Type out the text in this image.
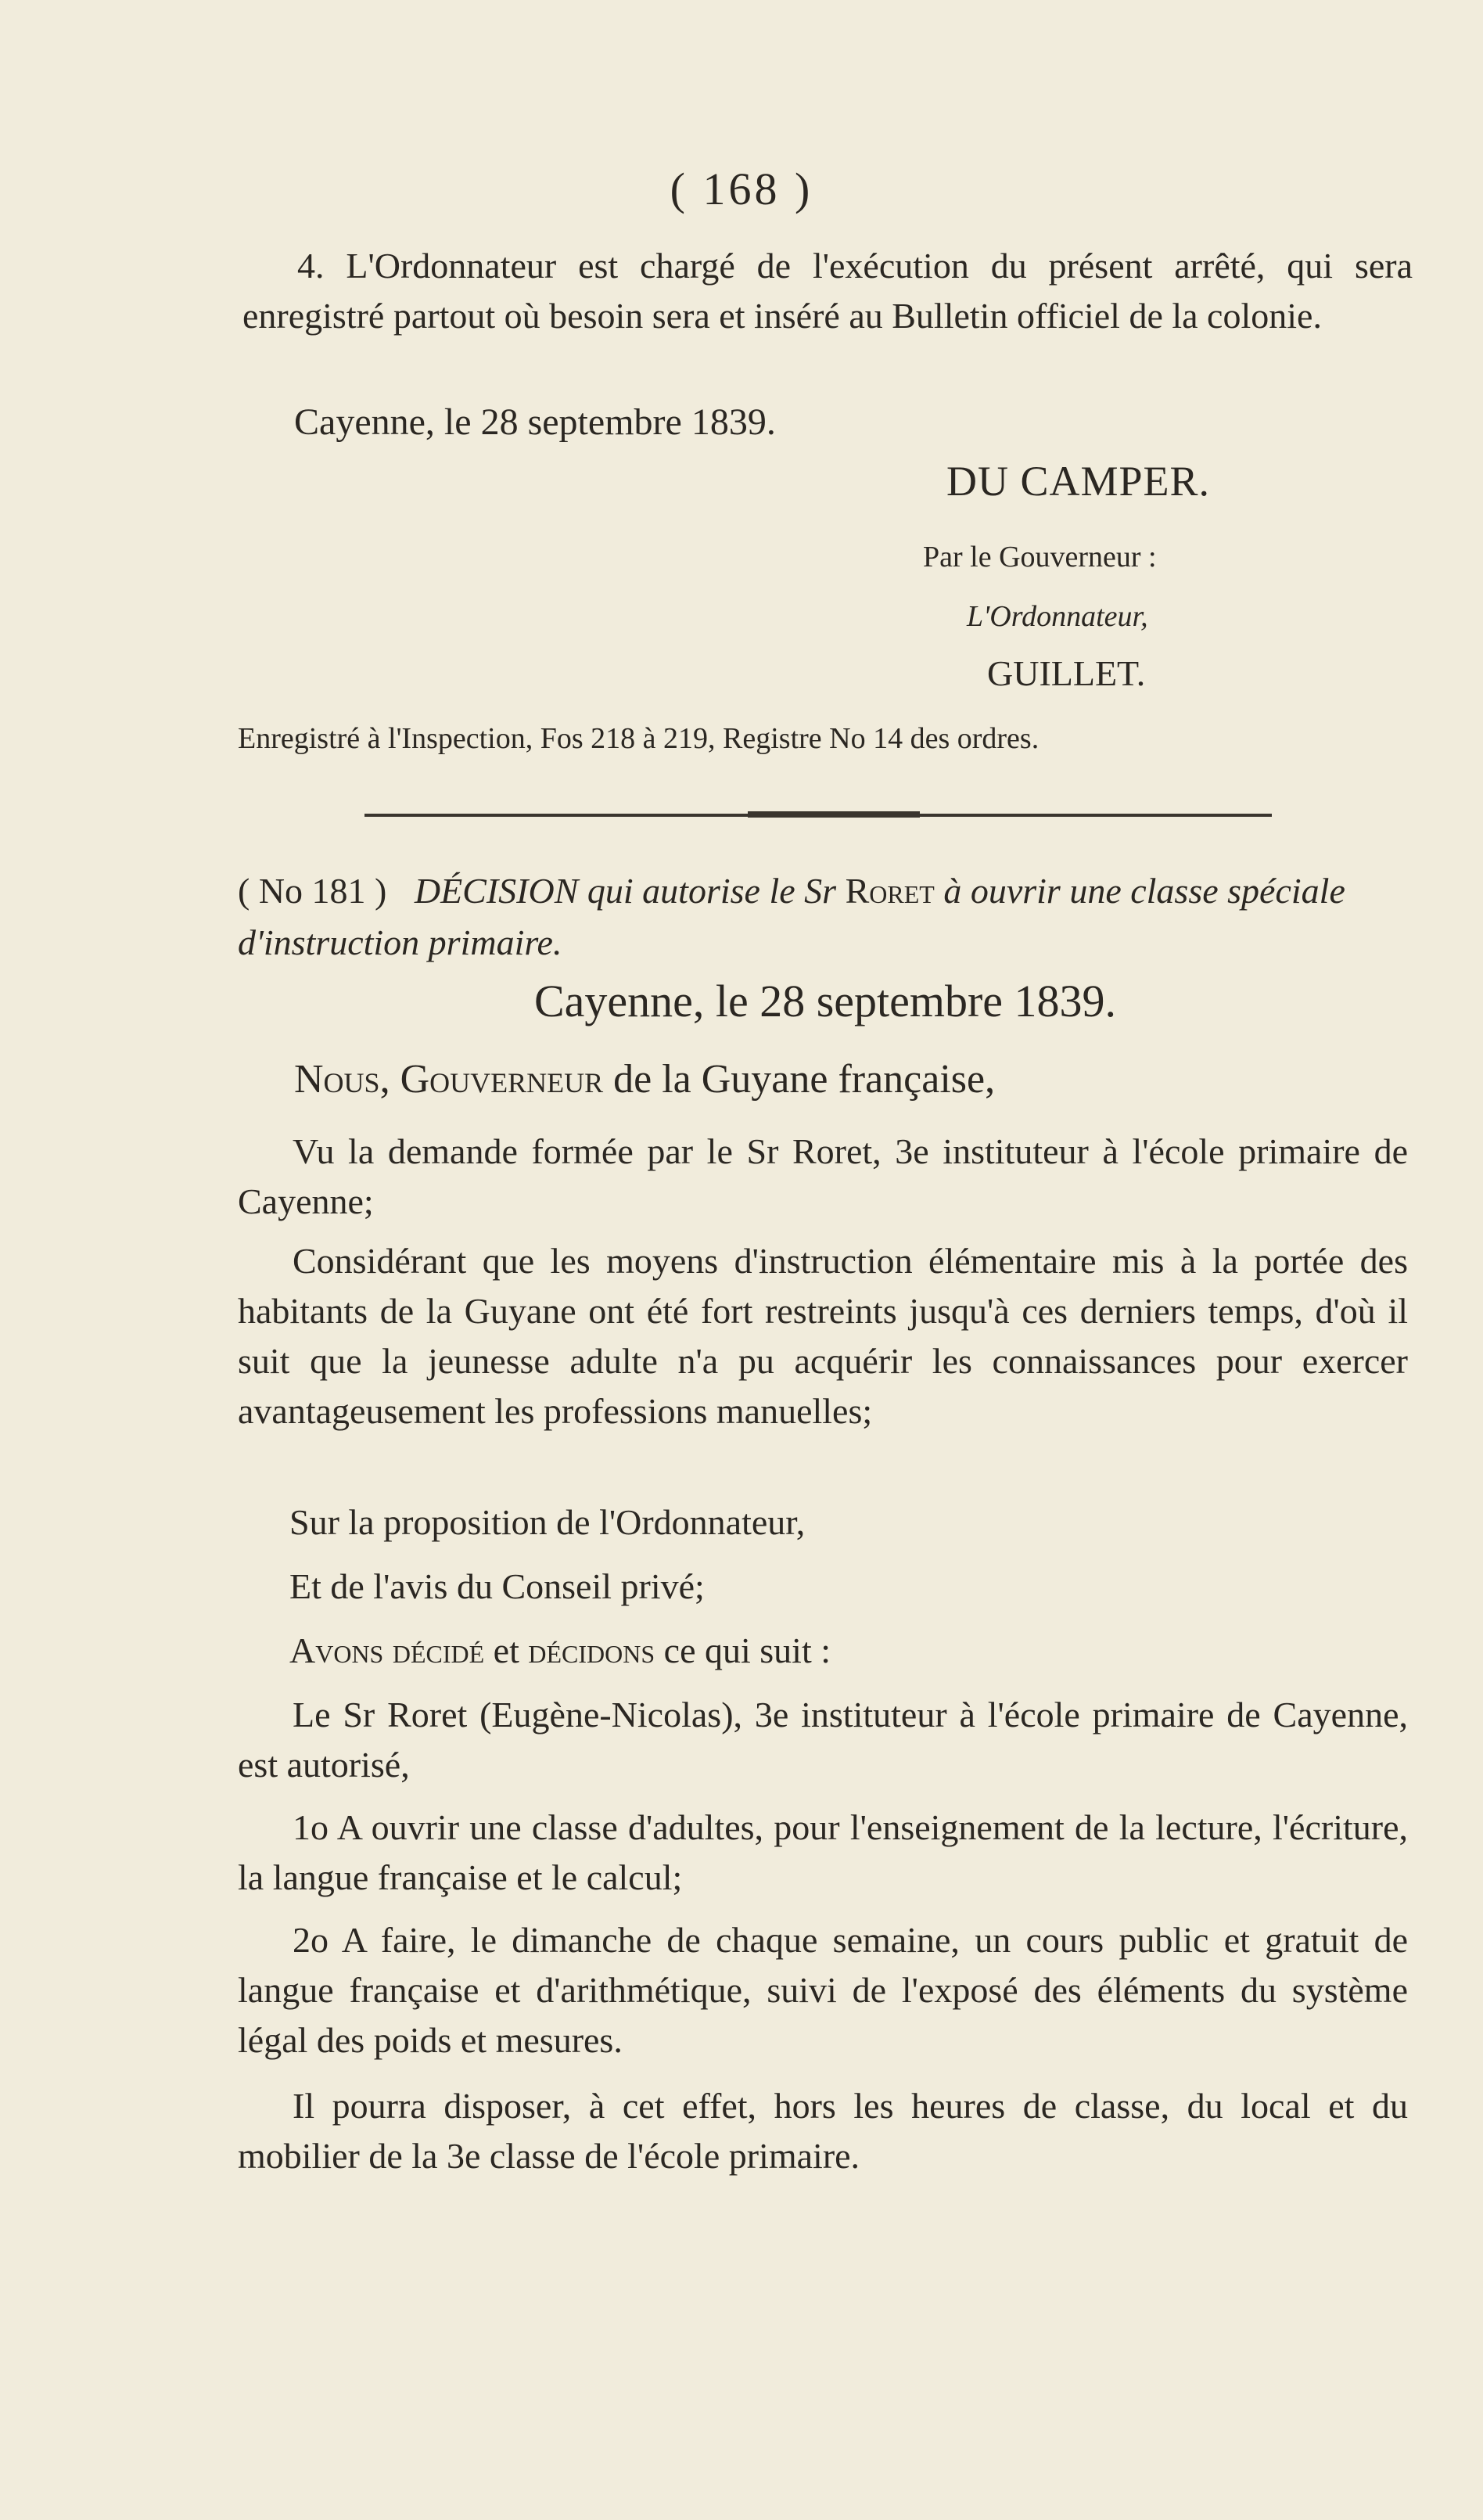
( 168 )

4. L'Ordonnateur est chargé de l'exécution du présent arrêté, qui sera enregistré partout où besoin sera et inséré au Bulletin officiel de la colonie.

Cayenne, le 28 septembre 1839.

DU CAMPER.

Par le Gouverneur :

L'Ordonnateur,

GUILLET.

Enregistré à l'Inspection, Fos 218 à 219, Registre No 14 des ordres.

( No 181 ) DÉCISION qui autorise le Sr Roret à ouvrir une classe spéciale d'instruction primaire.

Cayenne, le 28 septembre 1839.

Nous, Gouverneur de la Guyane française,

Vu la demande formée par le Sr Roret, 3e instituteur à l'école primaire de Cayenne;

Considérant que les moyens d'instruction élémentaire mis à la portée des habitants de la Guyane ont été fort restreints jusqu'à ces derniers temps, d'où il suit que la jeunesse adulte n'a pu acquérir les connaissances pour exercer avantageusement les professions manuelles;

Sur la proposition de l'Ordonnateur,

Et de l'avis du Conseil privé;

Avons décidé et décidons ce qui suit :

Le Sr Roret (Eugène-Nicolas), 3e instituteur à l'école primaire de Cayenne, est autorisé,

1o A ouvrir une classe d'adultes, pour l'enseignement de la lecture, l'écriture, la langue française et le calcul;

2o A faire, le dimanche de chaque semaine, un cours public et gratuit de langue française et d'arithmétique, suivi de l'exposé des éléments du système légal des poids et mesures.

Il pourra disposer, à cet effet, hors les heures de classe, du local et du mobilier de la 3e classe de l'école primaire.
